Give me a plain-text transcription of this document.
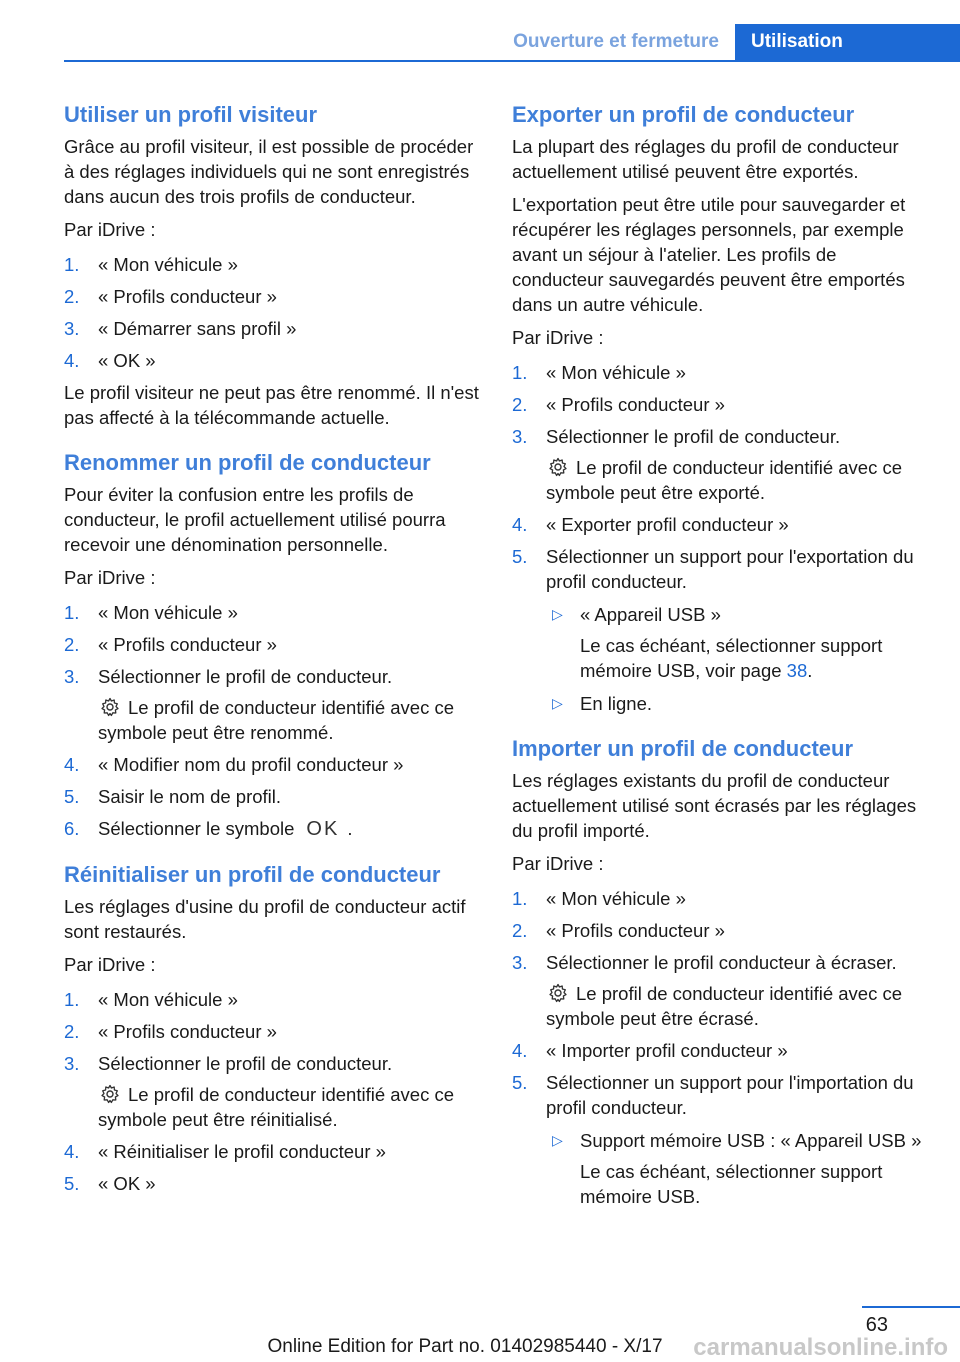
Ouverture et fermeture	Utilisation
Utiliser un profil visiteur

Grâce au profil visiteur, il est possible de procéder à des réglages individuels qui ne sont enregistrés dans aucun des trois profils de conducteur.

Par iDrive :

1. « Mon véhicule »
2. « Profils conducteur »
3. « Démarrer sans profil »
4. « OK »

Le profil visiteur ne peut pas être renommé. Il n'est pas affecté à la télécommande actuelle.

Renommer un profil de conducteur

Pour éviter la confusion entre les profils de conducteur, le profil actuellement utilisé pourra recevoir une dénomination personnelle.

Par iDrive :

1. « Mon véhicule »
2. « Profils conducteur »
3. Sélectionner le profil de conducteur.
Le profil de conducteur identifié avec ce symbole peut être renommé.
4. « Modifier nom du profil conducteur »
5. Saisir le nom de profil.
6. Sélectionner le symbole OK .
Réinitialiser un profil de conducteur

Les réglages d'usine du profil de conducteur actif sont restaurés.

Par iDrive :

1. « Mon véhicule »
2. « Profils conducteur »
3. Sélectionner le profil de conducteur.
Le profil de conducteur identifié avec ce symbole peut être réinitialisé.
4. « Réinitialiser le profil conducteur »
5. « OK »
Exporter un profil de conducteur

La plupart des réglages du profil de conducteur actuellement utilisé peuvent être exportés.

L'exportation peut être utile pour sauvegarder et récupérer les réglages personnels, par exemple avant un séjour à l'atelier. Les profils de conducteur sauvegardés peuvent être emportés dans un autre véhicule.

Par iDrive :

1. « Mon véhicule »
2. « Profils conducteur »
3. Sélectionner le profil de conducteur.
Le profil de conducteur identifié avec ce symbole peut être exporté.
4. « Exporter profil conducteur »
5. Sélectionner un support pour l'exportation du profil conducteur.
▷ « Appareil USB »
Le cas échéant, sélectionner support mémoire USB, voir page 38.
▷ En ligne.
Importer un profil de conducteur

Les réglages existants du profil de conducteur actuellement utilisé sont écrasés par les réglages du profil importé.

Par iDrive :

1. « Mon véhicule »
2. « Profils conducteur »
3. Sélectionner le profil conducteur à écraser.
Le profil de conducteur identifié avec ce symbole peut être écrasé.
4. « Importer profil conducteur »
5. Sélectionner un support pour l'importation du profil conducteur.
▷ Support mémoire USB : « Appareil USB »
Le cas échéant, sélectionner support mémoire USB.
63
Online Edition for Part no. 01402985440 - X/17	carmanualsonline.info
